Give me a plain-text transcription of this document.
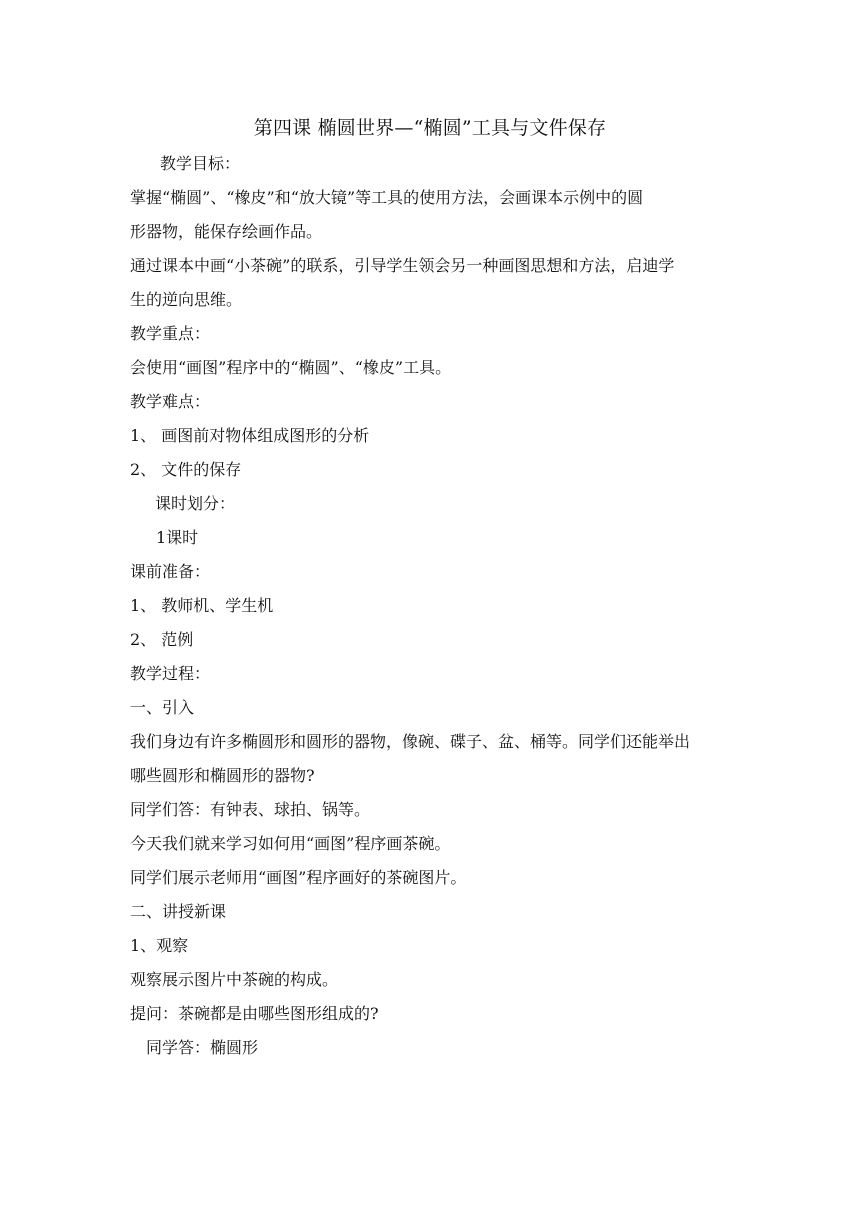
第四课 椭圆世界—“椭圆”工具与文件保存
教学目标：
掌握“椭圆”、“橡皮”和“放大镜”等工具的使用方法，会画课本示例中的圆
形器物，能保存绘画作品。
通过课本中画“小茶碗”的联系，引导学生领会另一种画图思想和方法，启迪学
生的逆向思维。
教学重点：
会使用“画图”程序中的“椭圆”、“橡皮”工具。
教学难点：
1、 画图前对物体组成图形的分析
2、 文件的保存
课时划分：
1课时
课前准备：
1、 教师机、学生机
2、 范例
教学过程：
一、引入
我们身边有许多椭圆形和圆形的器物，像碗、碟子、盆、桶等。同学们还能举出
哪些圆形和椭圆形的器物?
同学们答：有钟表、球拍、锅等。
今天我们就来学习如何用“画图”程序画茶碗。
同学们展示老师用“画图”程序画好的茶碗图片。
二、讲授新课
1、观察
观察展示图片中茶碗的构成。
提问：茶碗都是由哪些图形组成的?
同学答：椭圆形
